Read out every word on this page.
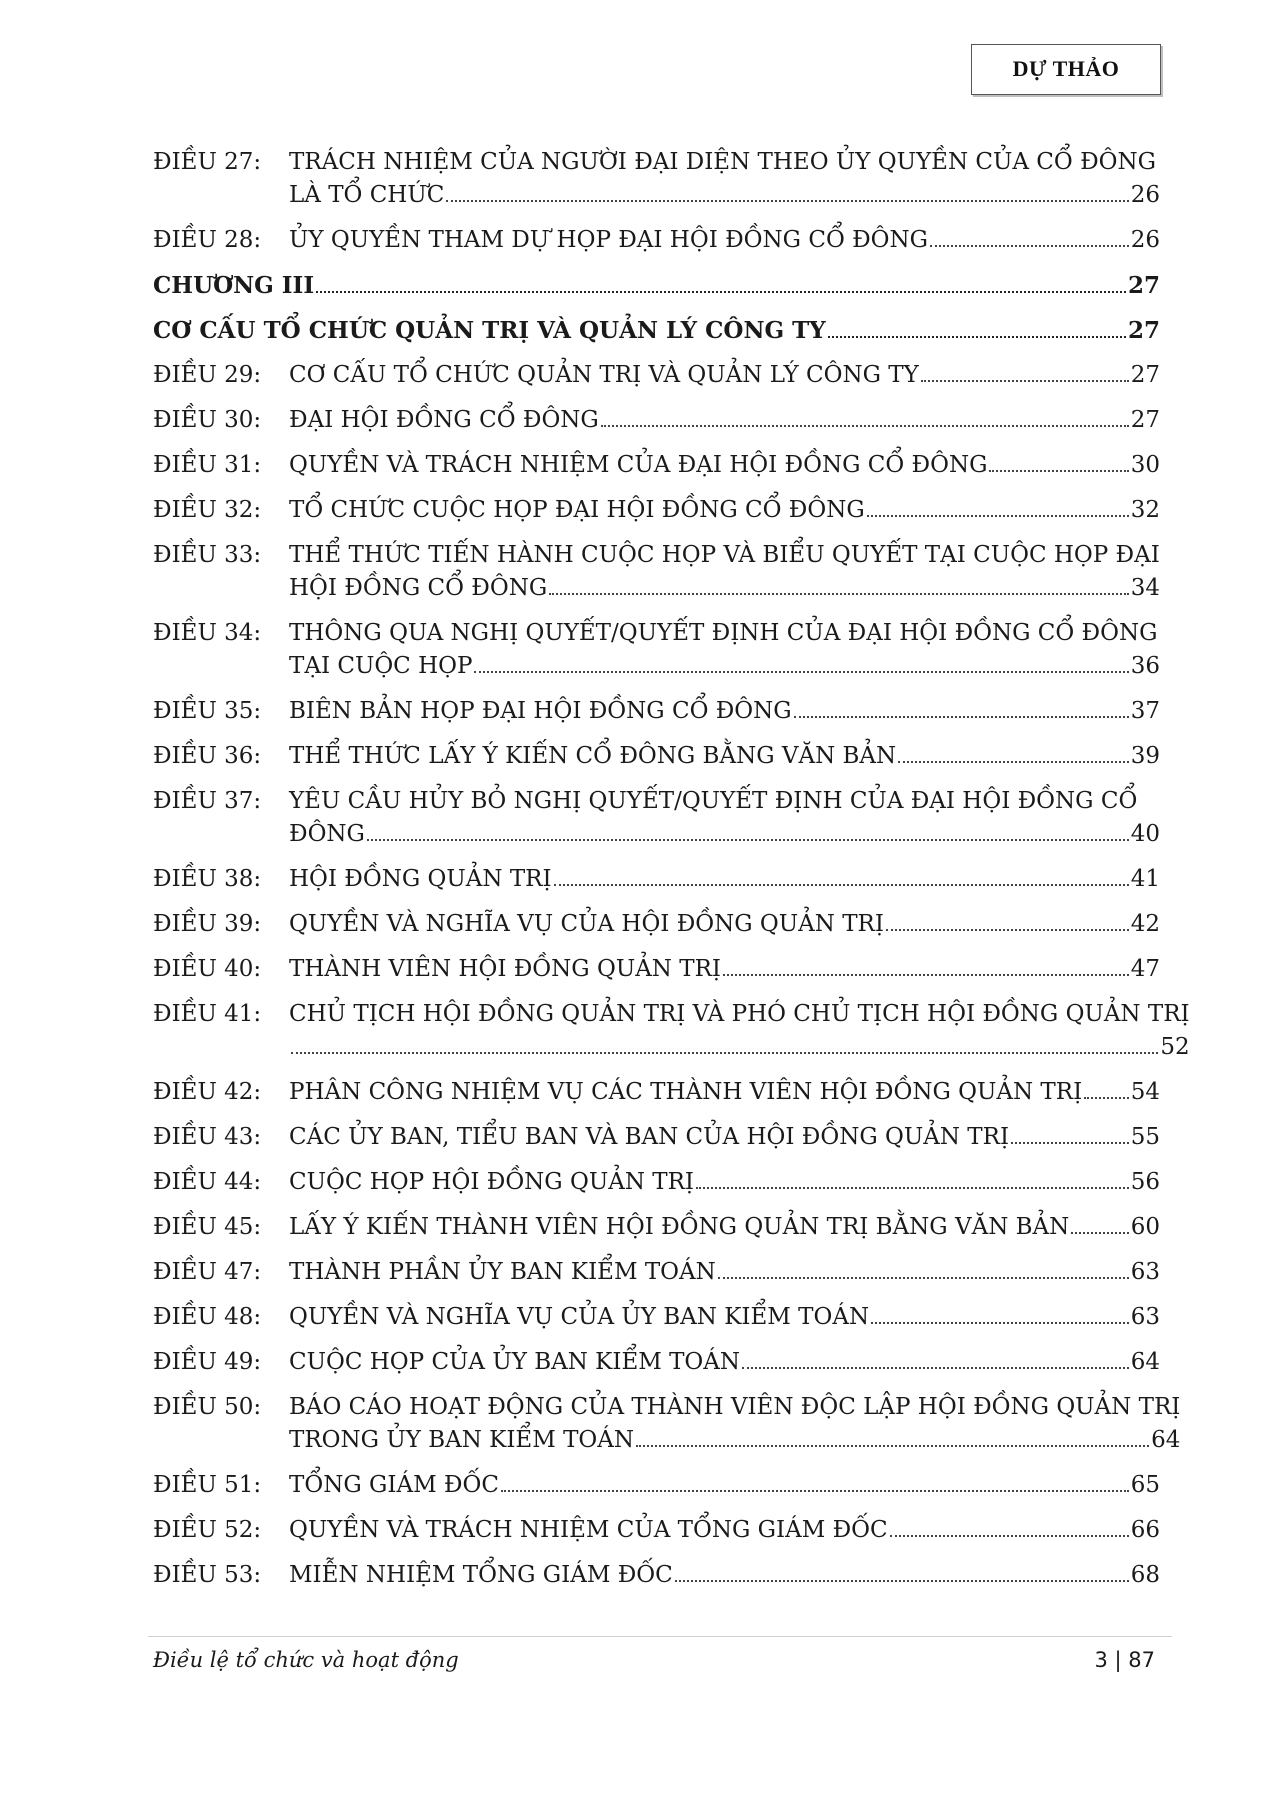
DỰ THẢO
ĐIỀU 27:	TRÁCH NHIỆM CỦA NGƯỜI ĐẠI DIỆN THEO ỦY QUYỀN CỦA CỔ ĐÔNG
LÀ TỔ CHỨC	26
ĐIỀU 28:	ỦY QUYỀN THAM DỰ HỌP ĐẠI HỘI ĐỒNG CỔ ĐÔNG	26
CHƯƠNG III	27
CƠ CẤU TỔ CHỨC QUẢN TRỊ VÀ QUẢN LÝ CÔNG TY	27
ĐIỀU 29:	CƠ CẤU TỔ CHỨC QUẢN TRỊ VÀ QUẢN LÝ CÔNG TY	27
ĐIỀU 30:	ĐẠI HỘI ĐỒNG CỔ ĐÔNG	27
ĐIỀU 31:	QUYỀN VÀ TRÁCH NHIỆM CỦA ĐẠI HỘI ĐỒNG CỔ ĐÔNG	30
ĐIỀU 32:	TỔ CHỨC CUỘC HỌP ĐẠI HỘI ĐỒNG CỔ ĐÔNG	32
ĐIỀU 33:	THỂ THỨC TIẾN HÀNH CUỘC HỌP VÀ BIỂU QUYẾT TẠI CUỘC HỌP ĐẠI
HỘI ĐỒNG CỔ ĐÔNG	34
ĐIỀU 34:	THÔNG QUA NGHỊ QUYẾT/QUYẾT ĐỊNH CỦA ĐẠI HỘI ĐỒNG CỔ ĐÔNG
TẠI CUỘC HỌP	36
ĐIỀU 35:	BIÊN BẢN HỌP ĐẠI HỘI ĐỒNG CỔ ĐÔNG	37
ĐIỀU 36:	THỂ THỨC LẤY Ý KIẾN CỔ ĐÔNG BẰNG VĂN BẢN	39
ĐIỀU 37:	YÊU CẦU HỦY BỎ NGHỊ QUYẾT/QUYẾT ĐỊNH CỦA ĐẠI HỘI ĐỒNG CỔ
ĐÔNG	40
ĐIỀU 38:	HỘI ĐỒNG QUẢN TRỊ	41
ĐIỀU 39:	QUYỀN VÀ NGHĨA VỤ CỦA HỘI ĐỒNG QUẢN TRỊ	42
ĐIỀU 40:	THÀNH VIÊN HỘI ĐỒNG QUẢN TRỊ	47
ĐIỀU 41:	CHỦ TỊCH HỘI ĐỒNG QUẢN TRỊ VÀ PHÓ CHỦ TỊCH HỘI ĐỒNG QUẢN TRỊ
52
ĐIỀU 42:	PHÂN CÔNG NHIỆM VỤ CÁC THÀNH VIÊN HỘI ĐỒNG QUẢN TRỊ 54
ĐIỀU 43:	CÁC ỦY BAN, TIỂU BAN VÀ BAN CỦA HỘI ĐỒNG QUẢN TRỊ	55
ĐIỀU 44:	CUỘC HỌP HỘI ĐỒNG QUẢN TRỊ	56
ĐIỀU 45:	LẤY Ý KIẾN THÀNH VIÊN HỘI ĐỒNG QUẢN TRỊ BẰNG VĂN BẢN	60
ĐIỀU 47:	THÀNH PHẦN ỦY BAN KIỂM TOÁN	63
ĐIỀU 48:	QUYỀN VÀ NGHĨA VỤ CỦA ỦY BAN KIỂM TOÁN	63
ĐIỀU 49:	CUỘC HỌP CỦA ỦY BAN KIỂM TOÁN	64
ĐIỀU 50:	BÁO CÁO HOẠT ĐỘNG CỦA THÀNH VIÊN ĐỘC LẬP HỘI ĐỒNG QUẢN TRỊ
TRONG ỦY BAN KIỂM TOÁN	64
ĐIỀU 51:	TỔNG GIÁM ĐỐC	65
ĐIỀU 52:	QUYỀN VÀ TRÁCH NHIỆM CỦA TỔNG GIÁM ĐỐC	66
ĐIỀU 53:	MIỄN NHIỆM TỔNG GIÁM ĐỐC	68
Điều lệ tổ chức và hoạt động	3 | 87
